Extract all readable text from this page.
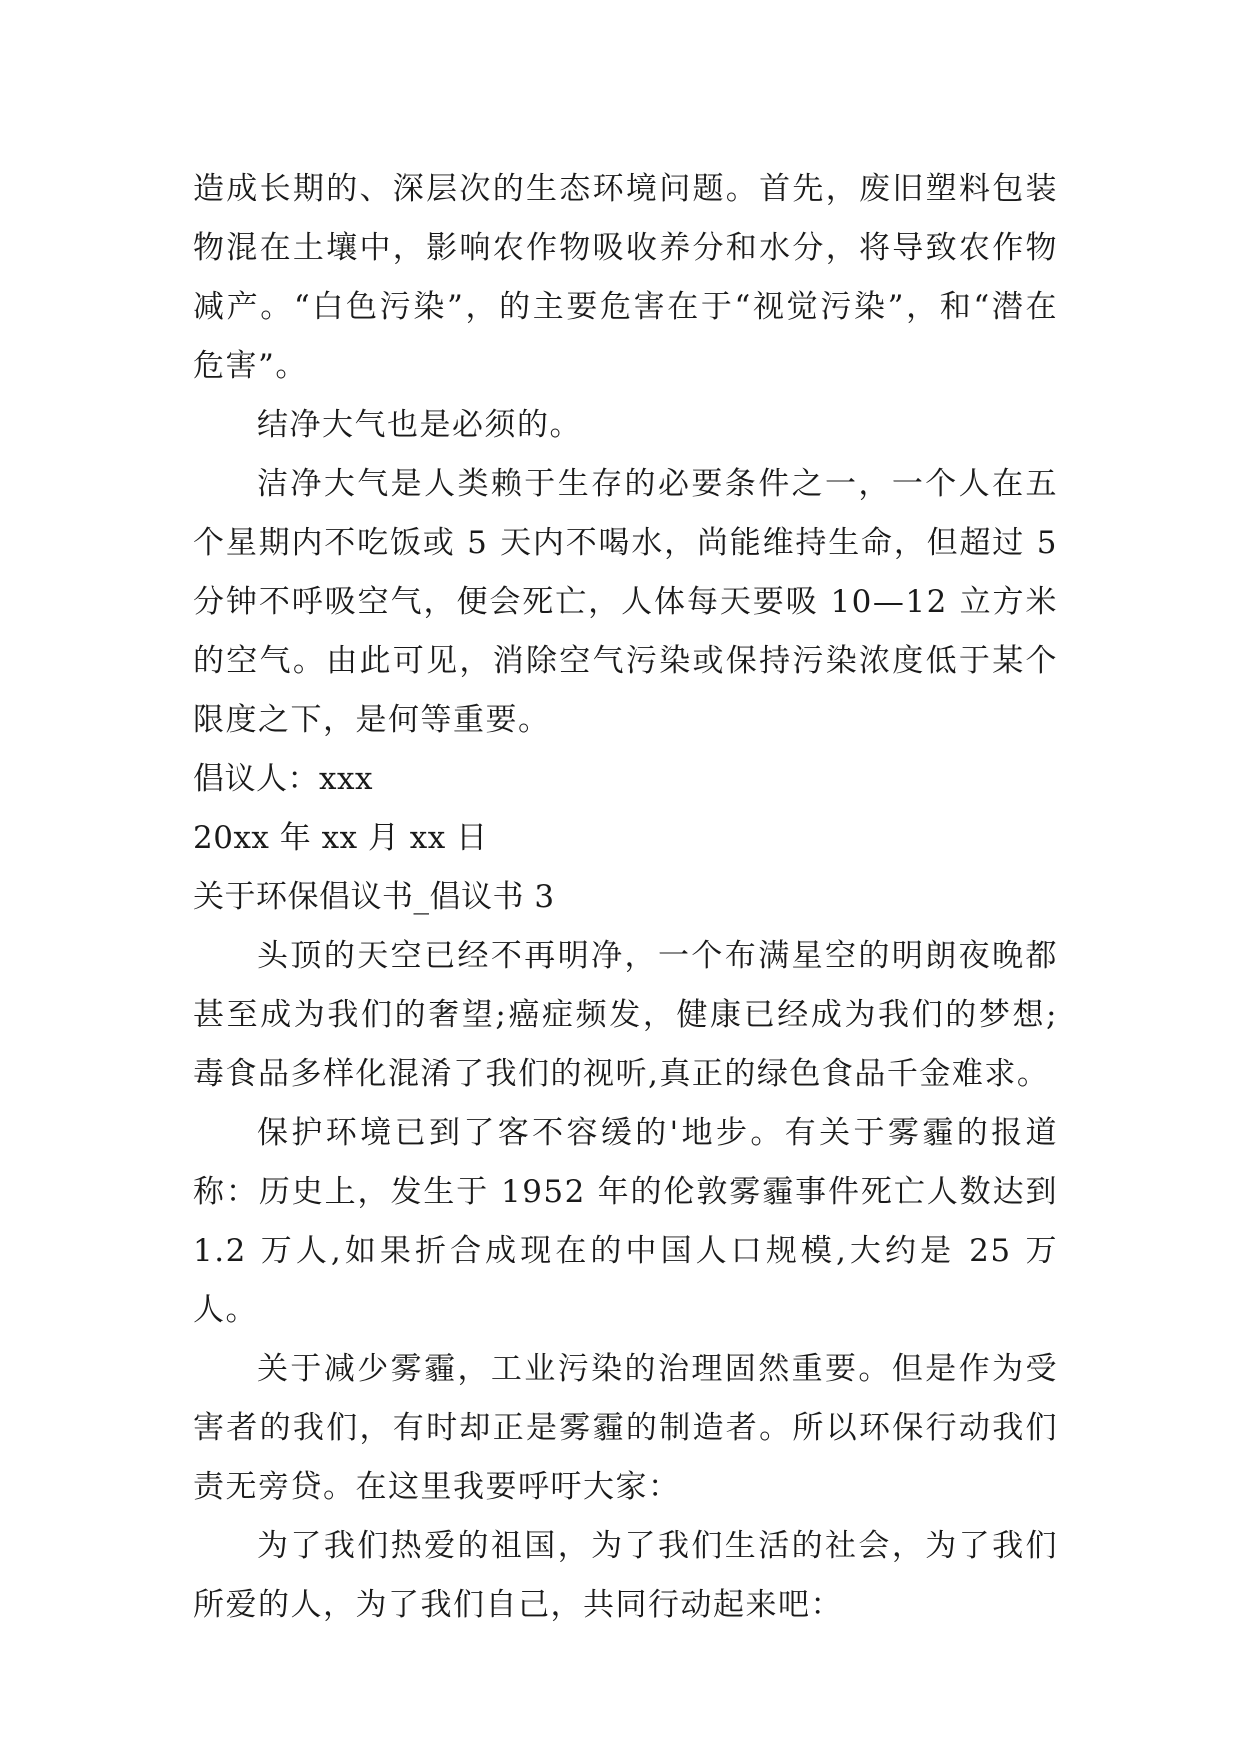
造成长期的、深层次的生态环境问题。首先，废旧塑料包装物混在土壤中，影响农作物吸收养分和水分，将导致农作物减产。“白色污染”，的主要危害在于“视觉污染”，和“潜在危害”。

结净大气也是必须的。

洁净大气是人类赖于生存的必要条件之一，一个人在五个星期内不吃饭或 5 天内不喝水，尚能维持生命，但超过 5 分钟不呼吸空气，便会死亡，人体每天要吸 10—12 立方米的空气。由此可见，消除空气污染或保持污染浓度低于某个限度之下，是何等重要。

倡议人：xxx

20xx 年 xx 月 xx 日

关于环保倡议书_倡议书 3

头顶的天空已经不再明净，一个布满星空的明朗夜晚都甚至成为我们的奢望;癌症频发，健康已经成为我们的梦想;毒食品多样化混淆了我们的视听,真正的绿色食品千金难求。

保护环境已到了客不容缓的'地步。有关于雾霾的报道称：历史上，发生于 1952 年的伦敦雾霾事件死亡人数达到 1.2 万人,如果折合成现在的中国人口规模,大约是 25 万人。

关于减少雾霾，工业污染的治理固然重要。但是作为受害者的我们，有时却正是雾霾的制造者。所以环保行动我们责无旁贷。在这里我要呼吁大家：

为了我们热爱的祖国，为了我们生活的社会，为了我们所爱的人，为了我们自己，共同行动起来吧：
